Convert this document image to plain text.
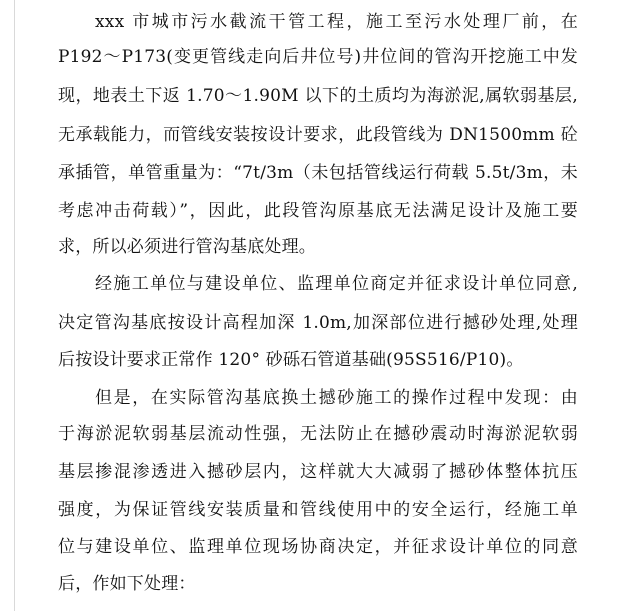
xxx 市城市污水截流干管工程，施工至污水处理厂前，在
P192～P173(变更管线走向后井位号)井位间的管沟开挖施工中发
现，地表土下返 1.70～1.90M 以下的土质均为海淤泥,属软弱基层,
无承载能力，而管线安装按设计要求，此段管线为 DN1500mm 砼
承插管，单管重量为：“7t/3m（未包括管线运行荷载 5.5t/3m，未
考虑冲击荷载）”，因此，此段管沟原基底无法满足设计及施工要
求，所以必须进行管沟基底处理。
经施工单位与建设单位、监理单位商定并征求设计单位同意,
决定管沟基底按设计高程加深 1.0m,加深部位进行撼砂处理,处理
后按设计要求正常作 120° 砂砾石管道基础(95S516/P10)。
但是，在实际管沟基底换土撼砂施工的操作过程中发现：由
于海淤泥软弱基层流动性强，无法防止在撼砂震动时海淤泥软弱
基层掺混渗透进入撼砂层内，这样就大大减弱了撼砂体整体抗压
强度，为保证管线安装质量和管线使用中的安全运行，经施工单
位与建设单位、监理单位现场协商决定，并征求设计单位的同意
后，作如下处理：
